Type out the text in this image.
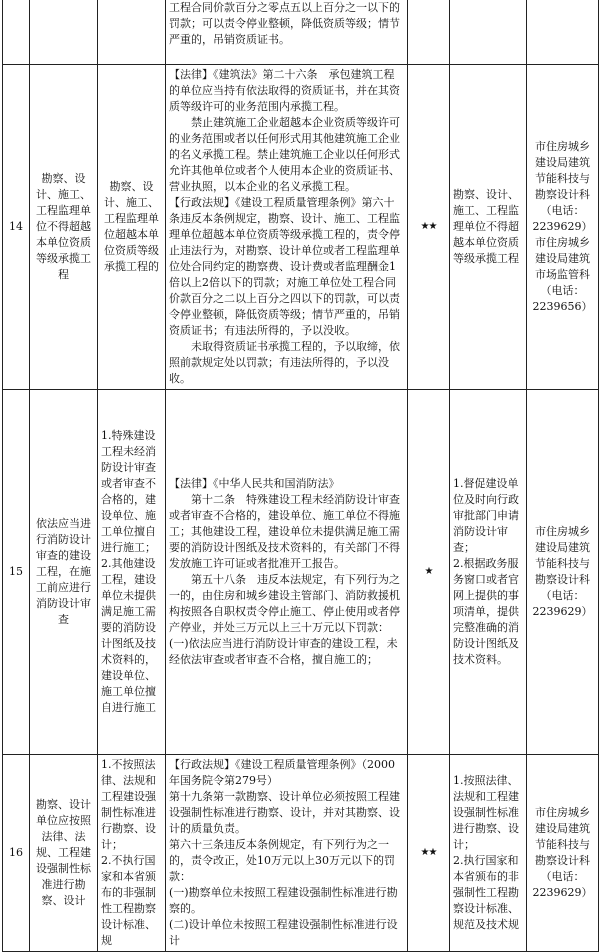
			工程合同价款百分之零点五以上百分之一以下的罚款；可以责令停业整顿，降低资质等级；情节严重的，吊销资质证书。			

14	勘察、设计、施工、工程监理单位不得超越本单位资质等级承揽工程	勘察、设计、施工、工程监理单位超越本单位资质等级承揽工程的	【法律】《建筑法》第二十六条　承包建筑工程的单位应当持有依法取得的资质证书，并在其资质等级许可的业务范围内承揽工程。
禁止建筑施工企业超越本企业资质等级许可的业务范围或者以任何形式用其他建筑施工企业的名义承揽工程。禁止建筑施工企业以任何形式允许其他单位或者个人使用本企业的资质证书、营业执照，以本企业的名义承揽工程。
【行政法规】《建设工程质量管理条例》第六十条违反本条例规定，勘察、设计、施工、工程监理单位超越本单位资质等级承揽工程的，责令停止违法行为，对勘察、设计单位或者工程监理单位处合同约定的勘察费、设计费或者监理酬金1倍以上2倍以下的罚款；对施工单位处工程合同价款百分之二以上百分之四以下的罚款，可以责令停业整顿，降低资质等级；情节严重的，吊销资质证书；有违法所得的，予以没收。
未取得资质证书承揽工程的，予以取缔，依照前款规定处以罚款；有违法所得的，予以没收。	★★	勘察、设计、施工、工程监理单位不得超越本单位资质等级承揽工程	市住房城乡建设局建筑节能科技与勘察设计科（电话：2239629）
市住房城乡建设局建筑市场监管科（电话：2239656）

15	依法应当进行消防设计审查的建设工程，在施工前应进行消防设计审查	1.特殊建设工程未经消防设计审查或者审查不合格的，建设单位、施工单位擅自进行施工；
2.其他建设工程，建设单位未提供满足施工需要的消防设计图纸及技术资料的，建设单位、施工单位擅自进行施工	【法律】《中华人民共和国消防法》
第十二条　特殊建设工程未经消防设计审查或者审查不合格的，建设单位、施工单位不得施工；其他建设工程，建设单位未提供满足施工需要的消防设计图纸及技术资料的，有关部门不得发放施工许可证或者批准开工报告。
第五十八条　违反本法规定，有下列行为之一的，由住房和城乡建设主管部门、消防救援机构按照各自职权责令停止施工、停止使用或者停产停业，并处三万元以上三十万元以下罚款：
(一)依法应当进行消防设计审查的建设工程，未经依法审查或者审查不合格，擅自施工的；	★	1.督促建设单位及时向行政审批部门申请消防设计审查；
2.根据政务服务窗口或者官网上提供的事项清单，提供完整准确的消防设计图纸及技术资料。	市住房城乡建设局建筑节能科技与勘察设计科（电话：2239629）

16	勘察、设计单位应按照法律、法规、工程建设强制性标准进行勘察、设计	1.不按照法律、法规和工程建设强制性标准进行勘察、设计；
2.不执行国家和本省颁布的非强制性工程勘察设计标准、规	【行政法规】《建设工程质量管理条例》（2000年国务院令第279号）
第十九条第一款勘察、设计单位必须按照工程建设强制性标准进行勘察、设计，并对其勘察、设计的质量负责。
第六十三条违反本条例规定，有下列行为之一的，责令改正，处10万元以上30万元以下的罚款：
(一)勘察单位未按照工程建设强制性标准进行勘察的。
(二)设计单位未按照工程建设强制性标准进行设计	★★	1.按照法律、法规和工程建设强制性标准进行勘察、设计；
2.执行国家和本省颁布的非强制性工程勘察设计标准、规范及技术规	市住房城乡建设局建筑节能科技与勘察设计科（电话：2239629）
